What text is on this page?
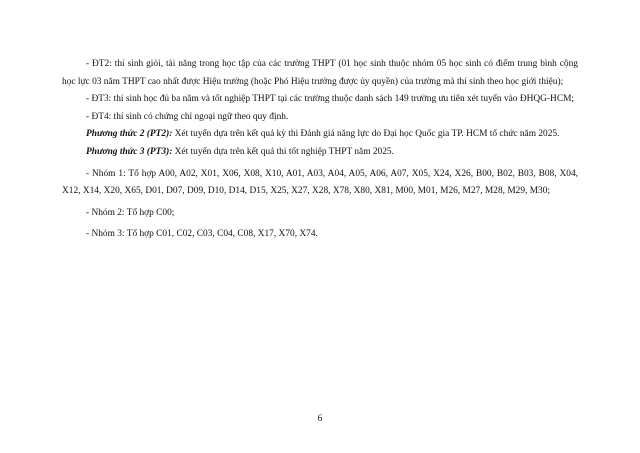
- ĐT2: thí sinh giỏi, tài năng trong học tập của các trường THPT (01 học sinh thuộc nhóm 05 học sinh có điểm trung bình cộng học lực 03 năm THPT cao nhất được Hiệu trưởng (hoặc Phó Hiệu trưởng được ủy quyền) của trường mà thí sinh theo học giới thiệu);

- ĐT3: thí sinh học đủ ba năm và tốt nghiệp THPT tại các trường thuộc danh sách 149 trường ưu tiên xét tuyển vào ĐHQG-HCM;

- ĐT4: thí sinh có chứng chỉ ngoại ngữ theo quy định.

Phương thức 2 (PT2): Xét tuyển dựa trên kết quả kỳ thi Đánh giá năng lực do Đại học Quốc gia TP. HCM tổ chức năm 2025.

Phương thức 3 (PT3): Xét tuyển dựa trên kết quả thi tốt nghiệp THPT năm 2025.

- Nhóm 1: Tổ hợp A00, A02, X01, X06, X08, X10, A01, A03, A04, A05, A06, A07, X05, X24, X26, B00, B02, B03, B08, X04, X12, X14, X20, X65, D01, D07, D09, D10, D14, D15, X25, X27, X28, X78, X80, X81, M00, M01, M26, M27, M28, M29, M30;

- Nhóm 2: Tổ hợp C00;

- Nhóm 3: Tổ hợp C01, C02, C03, C04, C08, X17, X70, X74.

6
